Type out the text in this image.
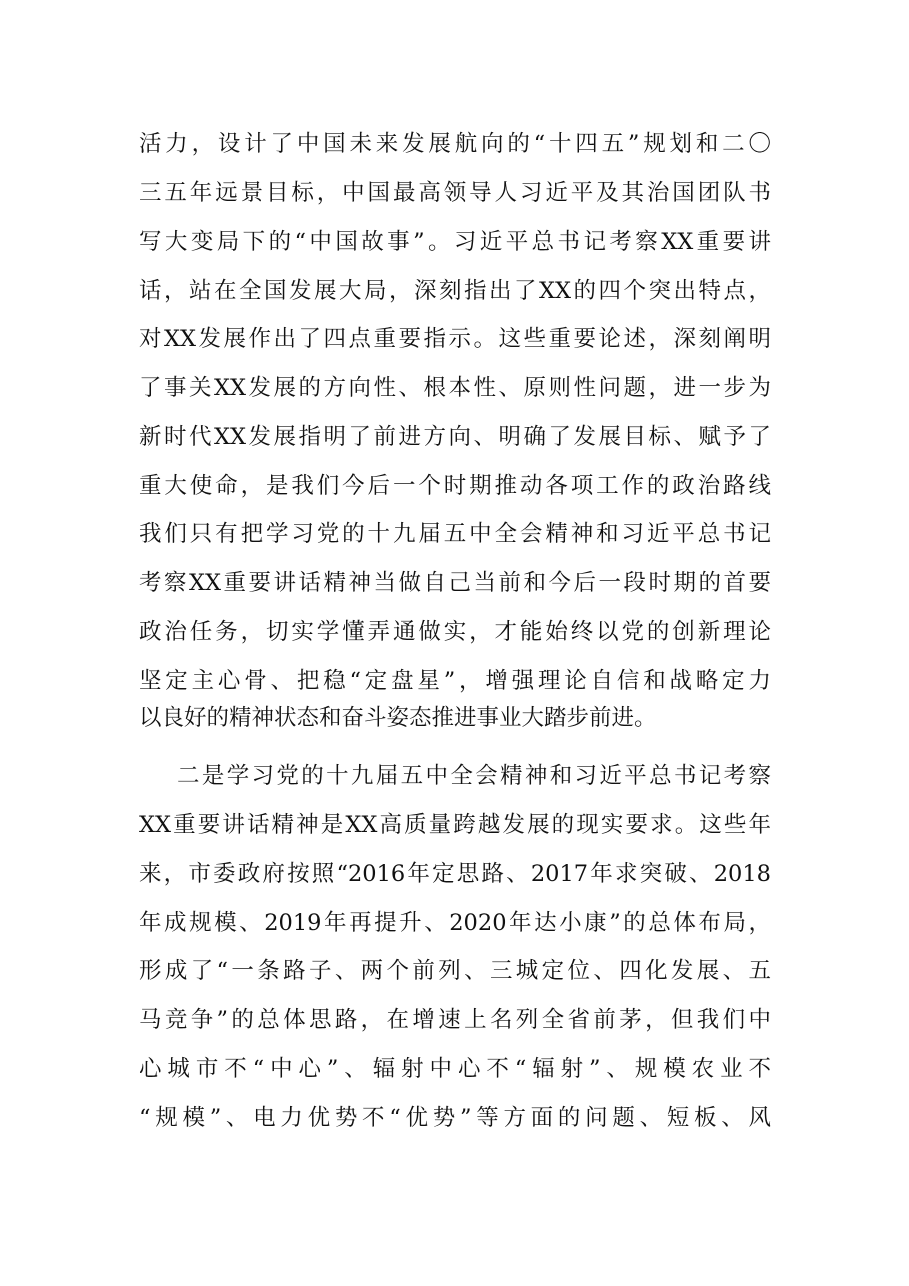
活力，设计了中国未来发展航向的“十四五”规划和二〇
三五年远景目标，中国最高领导人习近平及其治国团队书
写大变局下的“中国故事”。习近平总书记考察XX重要讲
话，站在全国发展大局，深刻指出了XX的四个突出特点，
对XX发展作出了四点重要指示。这些重要论述，深刻阐明
了事关XX发展的方向性、根本性、原则性问题，进一步为
新时代XX发展指明了前进方向、明确了发展目标、赋予了
重大使命，是我们今后一个时期推动各项工作的政治路线
我们只有把学习党的十九届五中全会精神和习近平总书记
考察XX重要讲话精神当做自己当前和今后一段时期的首要
政治任务，切实学懂弄通做实，才能始终以党的创新理论
坚定主心骨、把稳“定盘星”，增强理论自信和战略定力
以良好的精神状态和奋斗姿态推进事业大踏步前进。
二是学习党的十九届五中全会精神和习近平总书记考察
XX重要讲话精神是XX高质量跨越发展的现实要求。这些年
来，市委政府按照“2016年定思路、2017年求突破、2018
年成规模、2019年再提升、2020年达小康”的总体布局，
形成了“一条路子、两个前列、三城定位、四化发展、五
马竞争”的总体思路，在增速上名列全省前茅，但我们中
心城市不“中心”、辐射中心不“辐射”、规模农业不
“规模”、电力优势不“优势”等方面的问题、短板、风
